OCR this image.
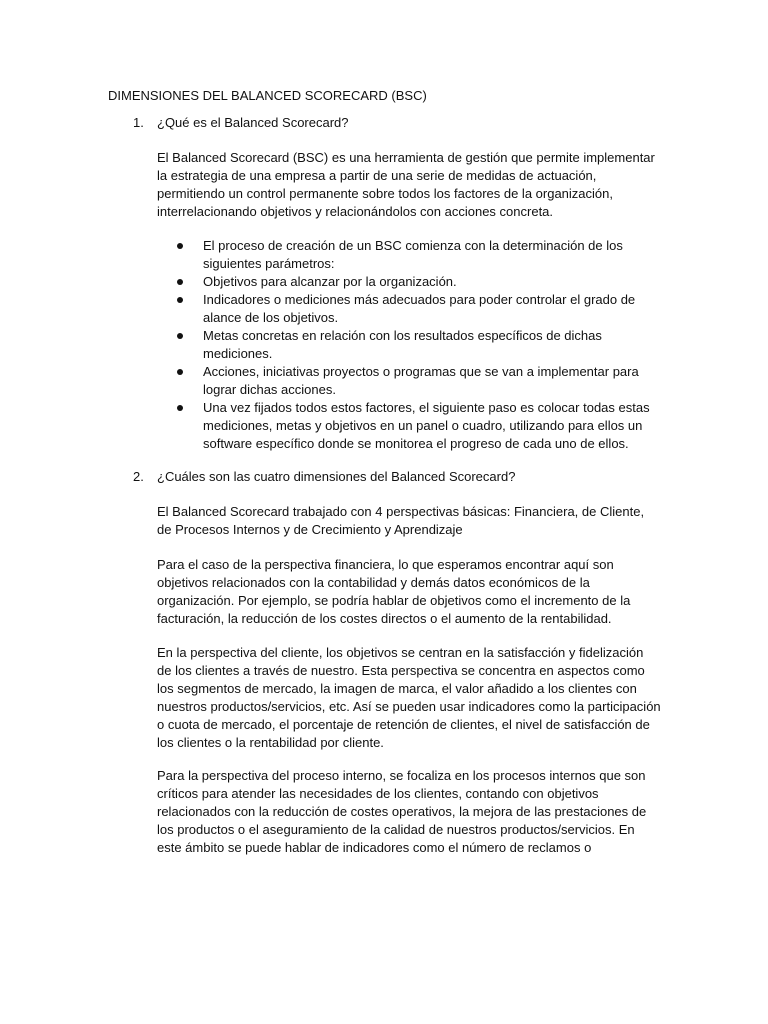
DIMENSIONES DEL BALANCED SCORECARD (BSC)
1. ¿Qué es el Balanced Scorecard?

El Balanced Scorecard (BSC) es una herramienta de gestión que permite implementar la estrategia de una empresa a partir de una serie de medidas de actuación, permitiendo un control permanente sobre todos los factores de la organización, interrelacionando objetivos y relacionándolos con acciones concreta.

El proceso de creación de un BSC comienza con la determinación de los siguientes parámetros:
Objetivos para alcanzar por la organización.
Indicadores o mediciones más adecuados para poder controlar el grado de alance de los objetivos.
Metas concretas en relación con los resultados específicos de dichas mediciones.
Acciones, iniciativas proyectos o programas que se van a implementar para lograr dichas acciones.
Una vez fijados todos estos factores, el siguiente paso es colocar todas estas mediciones, metas y objetivos en un panel o cuadro, utilizando para ellos un software específico donde se monitorea el progreso de cada uno de ellos.
2. ¿Cuáles son las cuatro dimensiones del Balanced Scorecard?

El Balanced Scorecard trabajado con 4 perspectivas básicas: Financiera, de Cliente, de Procesos Internos y de Crecimiento y Aprendizaje

Para el caso de la perspectiva financiera, lo que esperamos encontrar aquí son objetivos relacionados con la contabilidad y demás datos económicos de la organización. Por ejemplo, se podría hablar de objetivos como el incremento de la facturación, la reducción de los costes directos o el aumento de la rentabilidad.

En la perspectiva del cliente, los objetivos se centran en la satisfacción y fidelización de los clientes a través de nuestro. Esta perspectiva se concentra en aspectos como los segmentos de mercado, la imagen de marca, el valor añadido a los clientes con nuestros productos/servicios, etc. Así se pueden usar indicadores como la participación o cuota de mercado, el porcentaje de retención de clientes, el nivel de satisfacción de los clientes o la rentabilidad por cliente.

Para la perspectiva del proceso interno, se focaliza en los procesos internos que son críticos para atender las necesidades de los clientes, contando con objetivos relacionados con la reducción de costes operativos, la mejora de las prestaciones de los productos o el aseguramiento de la calidad de nuestros productos/servicios. En este ámbito se puede hablar de indicadores como el número de reclamos o
